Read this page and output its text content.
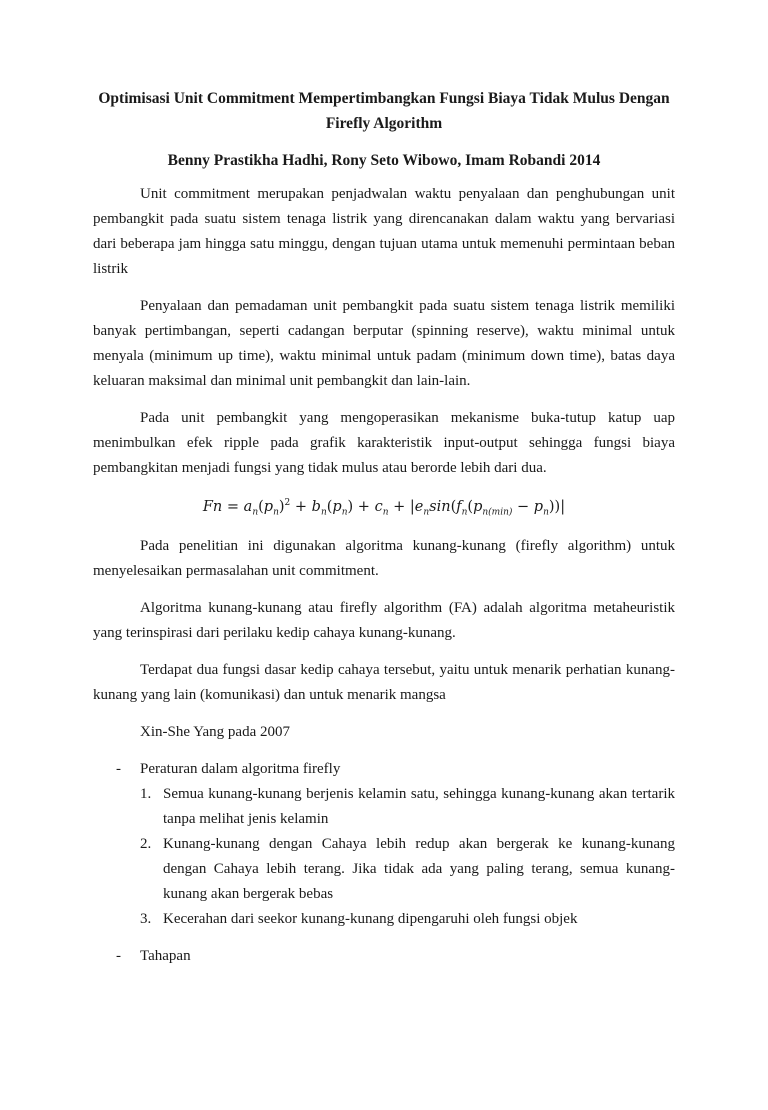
Optimisasi Unit Commitment Mempertimbangkan Fungsi Biaya Tidak Mulus Dengan Firefly Algorithm
Benny Prastikha Hadhi, Rony Seto Wibowo, Imam Robandi 2014

Unit commitment merupakan penjadwalan waktu penyalaan dan penghubungan unit pembangkit pada suatu sistem tenaga listrik yang direncanakan dalam waktu yang bervariasi dari beberapa jam hingga satu minggu, dengan tujuan utama untuk memenuhi permintaan beban listrik

Penyalaan dan pemadaman unit pembangkit pada suatu sistem tenaga listrik memiliki banyak pertimbangan, seperti cadangan berputar (spinning reserve), waktu minimal untuk menyala (minimum up time), waktu minimal untuk padam (minimum down time), batas daya keluaran maksimal dan minimal unit pembangkit dan lain-lain.

Pada unit pembangkit yang mengoperasikan mekanisme buka-tutup katup uap menimbulkan efek ripple pada grafik karakteristik input-output sehingga fungsi biaya pembangkitan menjadi fungsi yang tidak mulus atau berorde lebih dari dua.

$Fn = a_n(p_n)^2 + b_n(p_n) + c_n + |e_n\sin(f_n(p_{n(min)} - p_n))|$

Pada penelitian ini digunakan algoritma kunang-kunang (firefly algorithm) untuk menyelesaikan permasalahan unit commitment.

Algoritma kunang-kunang atau firefly algorithm (FA) adalah algoritma metaheuristik yang terinspirasi dari perilaku kedip cahaya kunang-kunang.

Terdapat dua fungsi dasar kedip cahaya tersebut, yaitu untuk menarik perhatian kunang-kunang yang lain (komunikasi) dan untuk menarik mangsa

Xin-She Yang pada 2007
- Peraturan dalam algoritma firefly
1. Semua kunang-kunang berjenis kelamin satu, sehingga kunang-kunang akan tertarik tanpa melihat jenis kelamin
2. Kunang-kunang dengan Cahaya lebih redup akan bergerak ke kunang-kunang dengan Cahaya lebih terang. Jika tidak ada yang paling terang, semua kunang-kunang akan bergerak bebas
3. Kecerahan dari seekor kunang-kunang dipengaruhi oleh fungsi objek
- Tahapan
